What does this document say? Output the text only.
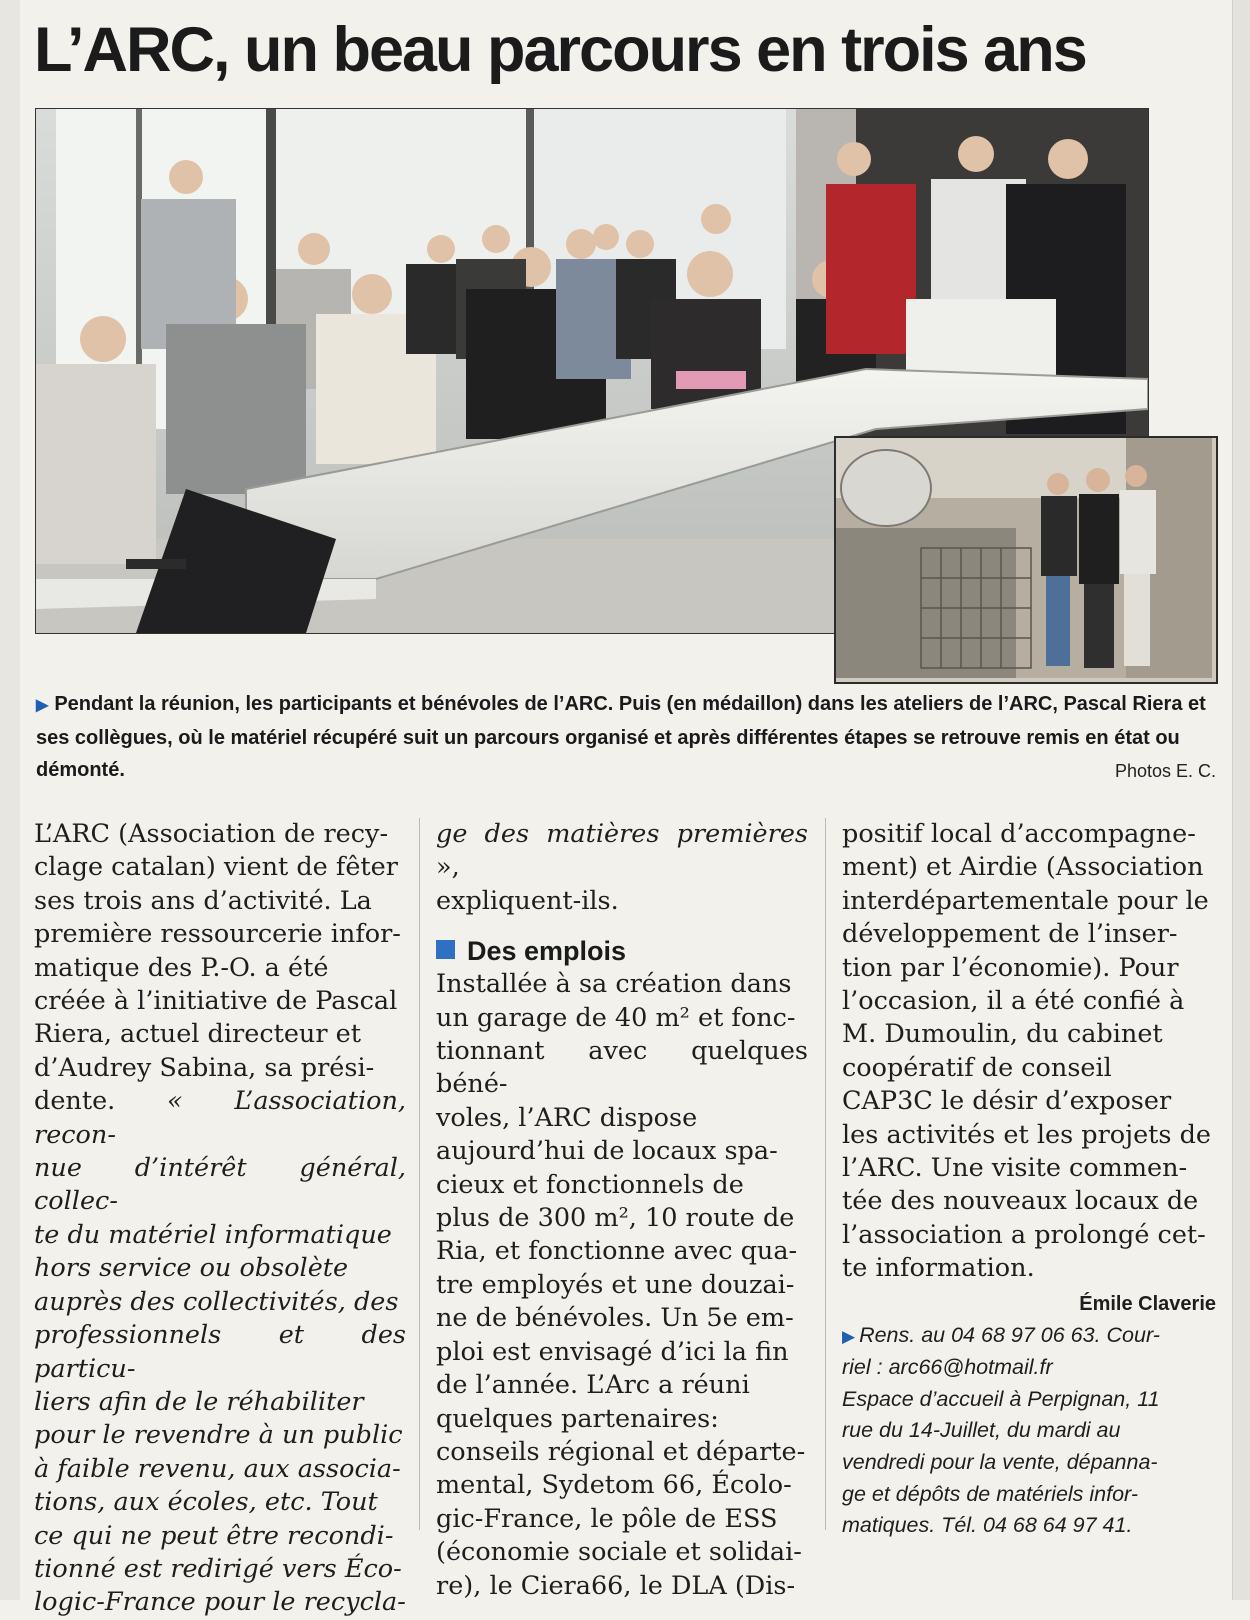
L’ARC, un beau parcours en trois ans
▶ Pendant la réunion, les participants et bénévoles de l’ARC. Puis (en médaillon) dans les ateliers de l’ARC, Pascal Riera et ses collègues, où le matériel récupéré suit un parcours organisé et après différentes étapes se retrouve remis en état ou démonté.	Photos E. C.

L’ARC (Association de recy-
clage catalan) vient de fêter
ses trois ans d’activité. La
première ressourcerie infor-
matique des P.-O. a été
créée à l’initiative de Pascal
Riera, actuel directeur et
d’Audrey Sabina, sa prési-
dente. « L’association, recon-
nue d’intérêt général, collec-
te du matériel informatique
hors service ou obsolète
auprès des collectivités, des
professionnels et des particu-
liers afin de le réhabiliter
pour le revendre à un public
à faible revenu, aux associa-
tions, aux écoles, etc. Tout
ce qui ne peut être recondi-
tionné est redirigé vers Éco-
logic-France pour le recycla-

ge des matières premières »,
expliquent-ils.

Des emplois

Installée à sa création dans
un garage de 40 m² et fonc-
tionnant avec quelques béné-
voles, l’ARC dispose
aujourd’hui de locaux spa-
cieux et fonctionnels de
plus de 300 m², 10 route de
Ria, et fonctionne avec qua-
tre employés et une douzai-
ne de bénévoles. Un 5e em-
ploi est envisagé d’ici la fin
de l’année. L’Arc a réuni
quelques partenaires:
conseils régional et départe-
mental, Sydetom 66, Écolo-
gic-France, le pôle de ESS
(économie sociale et solidai-
re), le Ciera66, le DLA (Dis-

positif local d’accompagne-
ment) et Airdie (Association
interdépartementale pour le
développement de l’inser-
tion par l’économie). Pour
l’occasion, il a été confié à
M. Dumoulin, du cabinet
coopératif de conseil
CAP3C le désir d’exposer
les activités et les projets de
l’ARC. Une visite commen-
tée des nouveaux locaux de
l’association a prolongé cet-
te information.

Émile Claverie
▶ Rens. au 04 68 97 06 63. Cour-
riel : arc66@hotmail.fr
Espace d’accueil à Perpignan, 11
rue du 14-Juillet, du mardi au
vendredi pour la vente, dépanna-
ge et dépôts de matériels infor-
matiques. Tél. 04 68 64 97 41.
